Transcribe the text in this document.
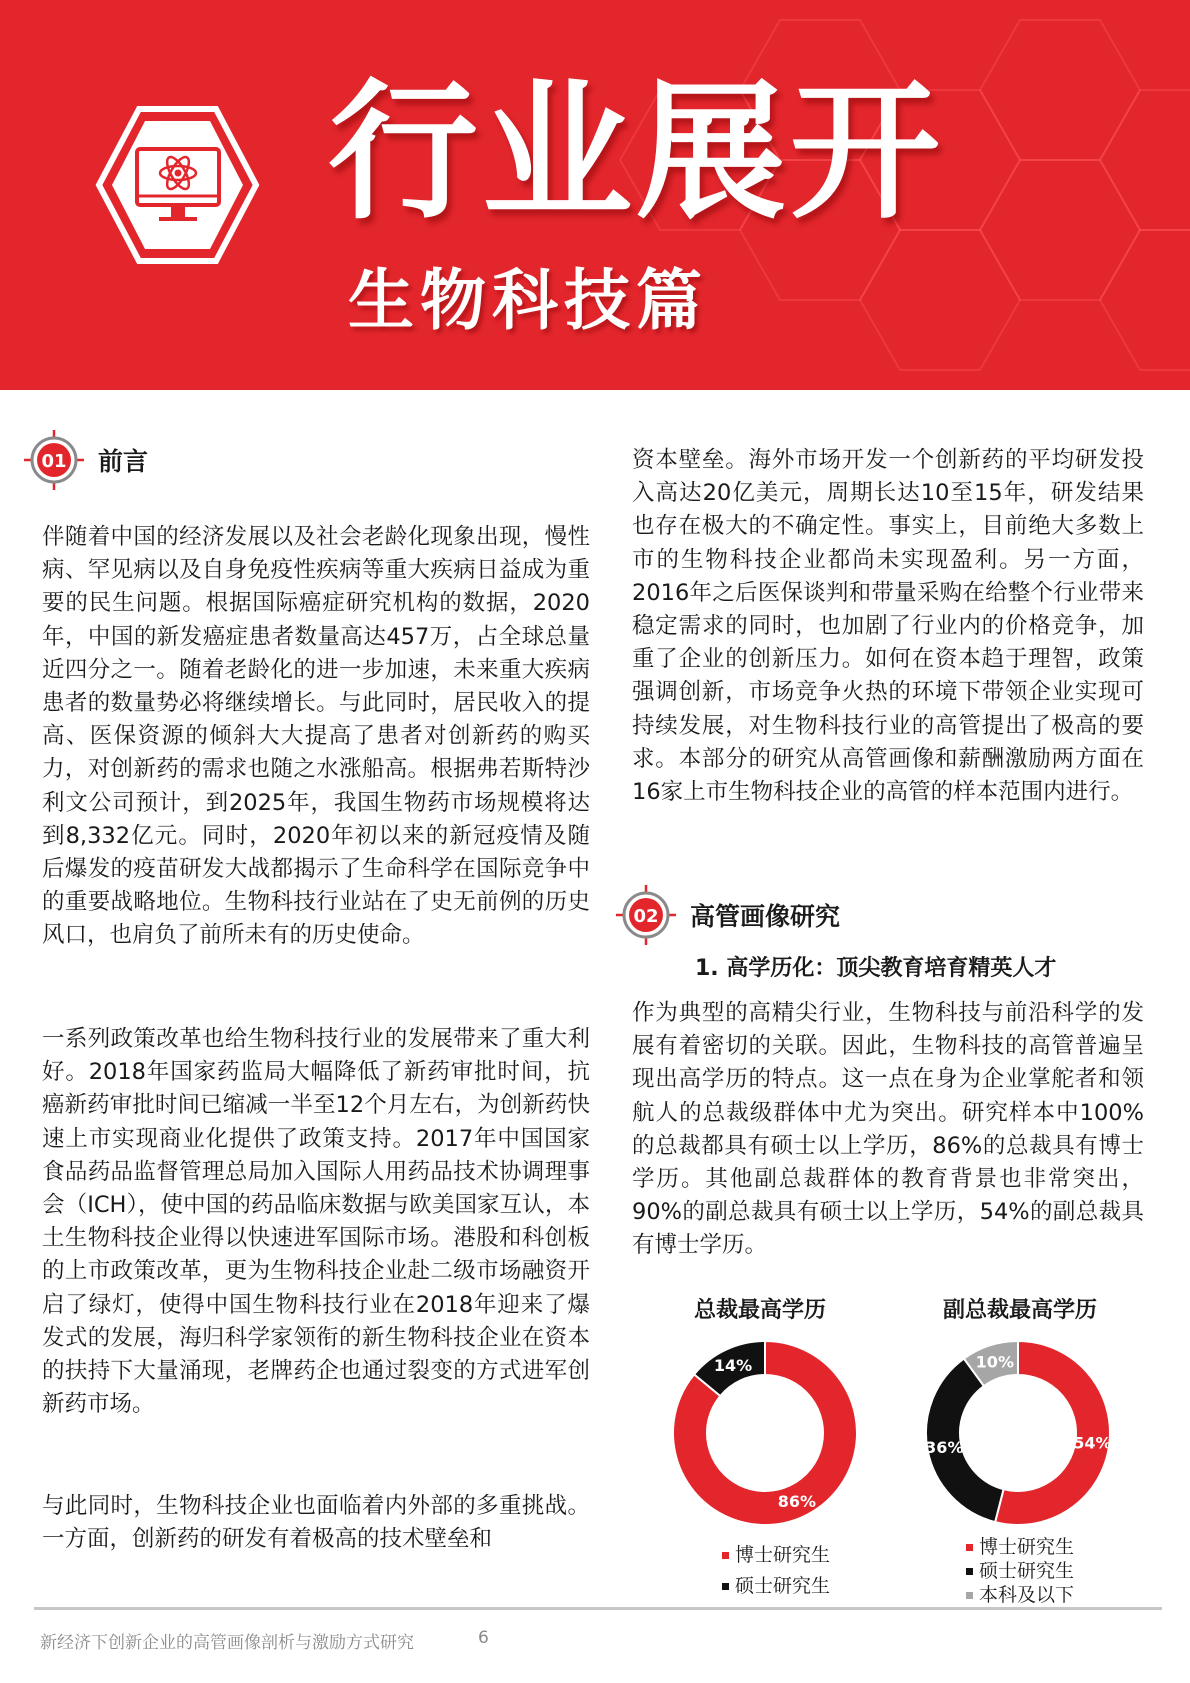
行业展开
生物科技篇
01 前言

伴随着中国的经济发展以及社会老龄化现象出现，慢性病、罕见病以及自身免疫性疾病等重大疾病日益成为重要的民生问题。根据国际癌症研究机构的数据，2020年，中国的新发癌症患者数量高达457万，占全球总量近四分之一。随着老龄化的进一步加速，未来重大疾病患者的数量势必将继续增长。与此同时，居民收入的提高、医保资源的倾斜大大提高了患者对创新药的购买力，对创新药的需求也随之水涨船高。根据弗若斯特沙利文公司预计，到2025年，我国生物药市场规模将达到8,332亿元。同时，2020年初以来的新冠疫情及随后爆发的疫苗研发大战都揭示了生命科学在国际竞争中的重要战略地位。生物科技行业站在了史无前例的历史风口，也肩负了前所未有的历史使命。

一系列政策改革也给生物科技行业的发展带来了重大利好。2018年国家药监局大幅降低了新药审批时间，抗癌新药审批时间已缩减一半至12个月左右，为创新药快速上市实现商业化提供了政策支持。2017年中国国家食品药品监督管理总局加入国际人用药品技术协调理事会（ICH），使中国的药品临床数据与欧美国家互认，本土生物科技企业得以快速进军国际市场。港股和科创板的上市政策改革，更为生物科技企业赴二级市场融资开启了绿灯，使得中国生物科技行业在2018年迎来了爆发式的发展，海归科学家领衔的新生物科技企业在资本的扶持下大量涌现，老牌药企也通过裂变的方式进军创新药市场。

与此同时，生物科技企业也面临着内外部的多重挑战。一方面，创新药的研发有着极高的技术壁垒和

资本壁垒。海外市场开发一个创新药的平均研发投入高达20亿美元，周期长达10至15年，研发结果也存在极大的不确定性。事实上，目前绝大多数上市的生物科技企业都尚未实现盈利。另一方面，2016年之后医保谈判和带量采购在给整个行业带来稳定需求的同时，也加剧了行业内的价格竞争，加重了企业的创新压力。如何在资本趋于理智，政策强调创新，市场竞争火热的环境下带领企业实现可持续发展，对生物科技行业的高管提出了极高的要求。本部分的研究从高管画像和薪酬激励两方面在16家上市生物科技企业的高管的样本范围内进行。

02 高管画像研究
1. 高学历化：顶尖教育培育精英人才

作为典型的高精尖行业，生物科技与前沿科学的发展有着密切的关联。因此，生物科技的高管普遍呈现出高学历的特点。这一点在身为企业掌舵者和领航人的总裁级群体中尤为突出。研究样本中100%的总裁都具有硕士以上学历，86%的总裁具有博士学历。其他副总裁群体的教育背景也非常突出，90%的副总裁具有硕士以上学历，54%的副总裁具有博士学历。

总裁最高学历	副总裁最高学历
86%
14%
54%
36%
10%
博士研究生
硕士研究生
博士研究生
硕士研究生
本科及以下
新经济下创新企业的高管画像剖析与激励方式研究	6
